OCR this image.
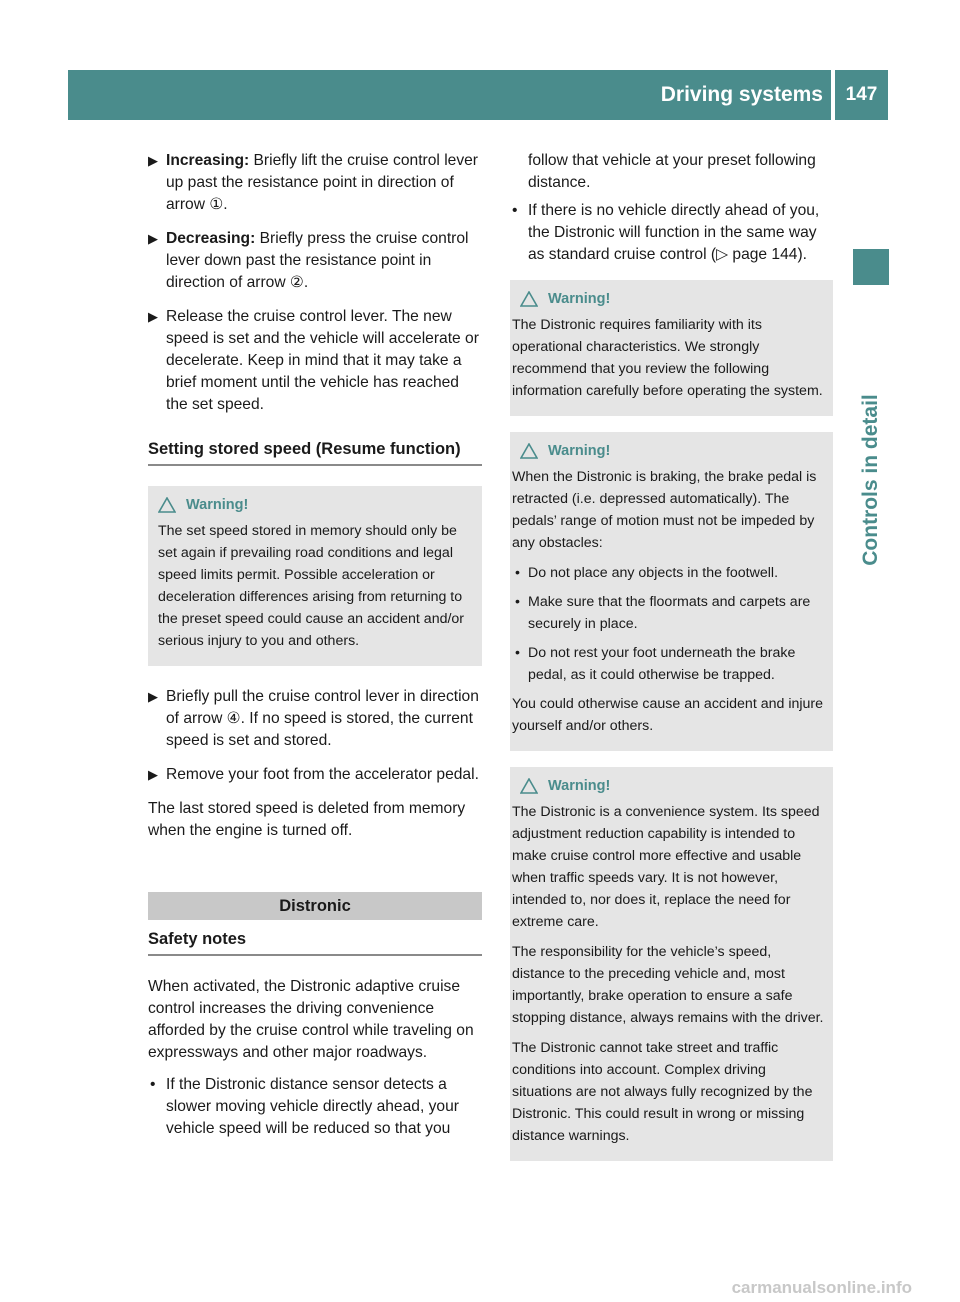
Driving systems	147
Controls in detail
▶ Increasing: Briefly lift the cruise control lever up past the resistance point in direction of arrow ①.
▶ Decreasing: Briefly press the cruise control lever down past the resistance point in direction of arrow ②.
▶ Release the cruise control lever. The new speed is set and the vehicle will accelerate or decelerate. Keep in mind that it may take a brief moment until the vehicle has reached the set speed.
Setting stored speed (Resume function)
Warning!

The set speed stored in memory should only be set again if prevailing road conditions and legal speed limits permit. Possible acceleration or deceleration differences arising from returning to the preset speed could cause an accident and/or serious injury to you and others.

▶ Briefly pull the cruise control lever in direction of arrow ④. If no speed is stored, the current speed is set and stored.
▶ Remove your foot from the accelerator pedal.

The last stored speed is deleted from memory when the engine is turned off.

Distronic
Safety notes

When activated, the Distronic adaptive cruise control increases the driving convenience afforded by the cruise control while traveling on expressways and other major roadways.

• If the Distronic distance sensor detects a slower moving vehicle directly ahead, your vehicle speed will be reduced so that you
follow that vehicle at your preset following distance.
• If there is no vehicle directly ahead of you, the Distronic will function in the same way as standard cruise control (▷ page 144).
Warning!

The Distronic requires familiarity with its operational characteristics. We strongly recommend that you review the following information carefully before operating the system.

Warning!

When the Distronic is braking, the brake pedal is retracted (i.e. depressed automatically). The pedals’ range of motion must not be impeded by any obstacles:

• Do not place any objects in the footwell.
• Make sure that the floormats and carpets are securely in place.
• Do not rest your foot underneath the brake pedal, as it could otherwise be trapped.

You could otherwise cause an accident and injure yourself and/or others.

Warning!

The Distronic is a convenience system. Its speed adjustment reduction capability is intended to make cruise control more effective and usable when traffic speeds vary. It is not however, intended to, nor does it, replace the need for extreme care.

The responsibility for the vehicle’s speed, distance to the preceding vehicle and, most importantly, brake operation to ensure a safe stopping distance, always remains with the driver.

The Distronic cannot take street and traffic conditions into account. Complex driving situations are not always fully recognized by the Distronic. This could result in wrong or missing distance warnings.

carmanualsonline.info
